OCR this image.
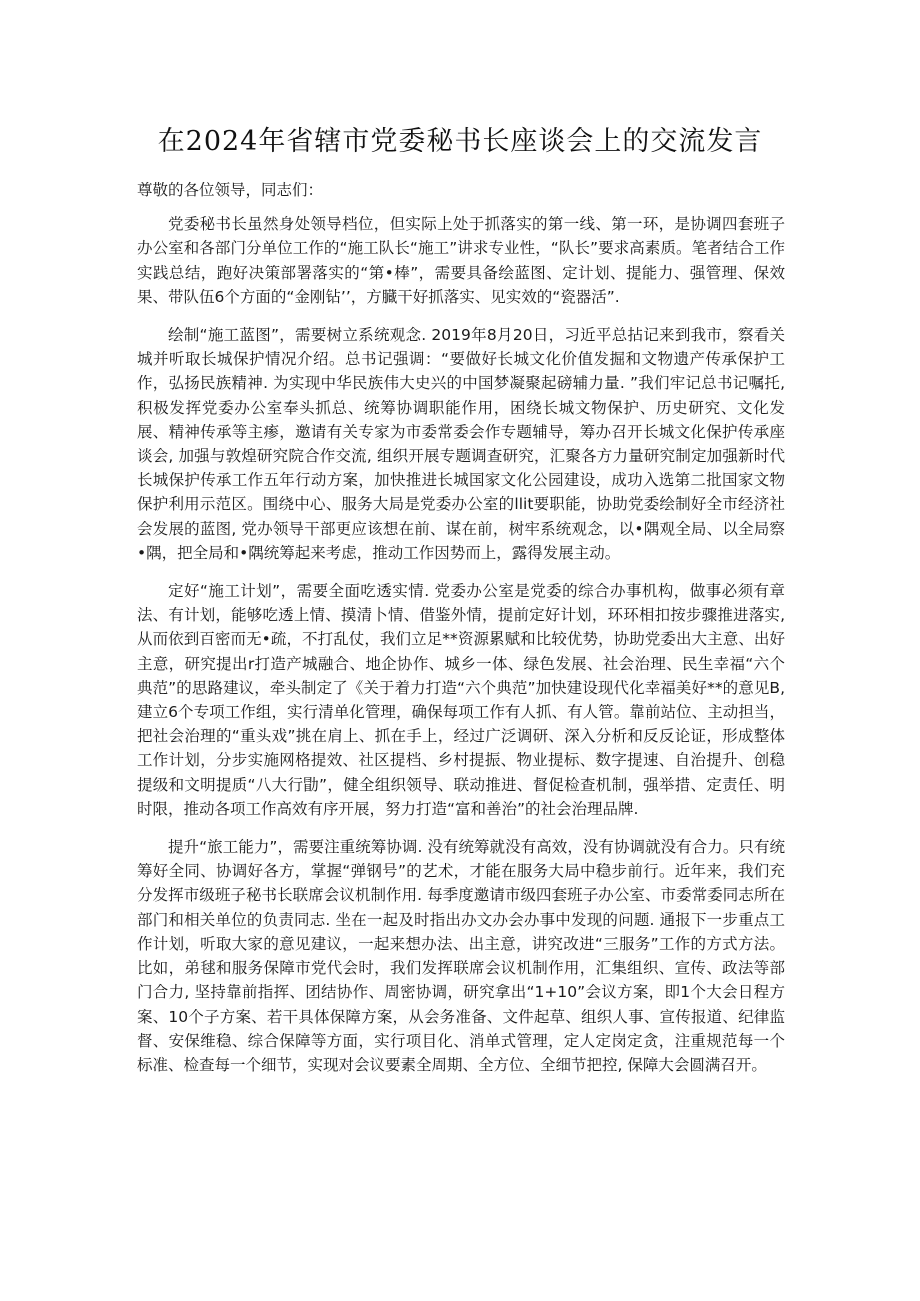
在2024年省辖市党委秘书长座谈会上的交流发言

尊敬的各位领导，同志们：

党委秘书长虽然身处领导档位，但实际上处于抓落实的第一线、第一环，是协调四套班子办公室和各部门分单位工作的“施工队长“施工”讲求专业性，“队长”要求高素质。笔者结合工作实践总结，跑好决策部署落实的“第•棒”，需要具备绘蓝图、定计划、提能力、强管理、保效果、带队伍6个方面的“金刚钻’’，方臓干好抓落实、见实效的“瓷器活”.

绘制“施工蓝图”，需要树立系统观念. 2019年8月20日，习近平总拈记来到我市，察看关城并听取长城保护情况介绍。总书记强调：“要做好长城文化价值发掘和文物遗产传承保护工作，弘扬民族精神. 为实现中华民族伟大史兴的中国梦凝聚起磅辅力量. ”我们牢记总书记嘱托, 积极发挥党委办公室奉头抓总、统筹协调职能作用，困绕长城文物保护、历史研究、文化发展、精神传承等主瘆，邀请有关专家为市委常委会作专题辅导，筹办召开长城文化保护传承座谈会, 加强与敦煌研究院合作交流, 组织开展专题调查研究，汇聚各方力量研究制定加强新时代长城保护传承工作五年行动方案，加快推进长城国家文化公园建设，成功入选第二批国家文物保护利用示范区。围绕中心、服务大局是党委办公室的llit要职能，协助党委绘制好全市经济社会发展的蓝图, 党办领导干部更应该想在前、谋在前，树牢系统观念，以•隅观全局、以全局察•隅，把全局和•隅统筹起来考虑，推动工作因势而上，露得发展主动。

定好“施工计划”，需要全面吃透实情. 党委办公室是党委的综合办事机构，做事必须有章法、有计划，能够吃透上情、摸清卜情、借鉴外情，提前定好计划，环环相扣按步骤推进落实, 从而依到百密而无•疏，不打乱仗，我们立足**资源累赋和比较优势，协助党委出大主意、出好主意，研究提出r打造产城融合、地企协作、城乡一体、绿色发展、社会治理、民生幸福“六个典范”的思路建议，牵头制定了《关于着力打造“六个典范”加快建设现代化幸福美好**的意见B, 建立6个专项工作组，实行清单化管理，确保每项工作有人抓、有人管。靠前站位、主动担当，把社会治理的“重头戏”挑在肩上、抓在手上，经过广泛调研、深入分析和反反论证，形成整体工作计划，分步实施网格提效、社区提档、乡村提振、物业提标、数字提速、自治提升、创稳提级和文明提质“八大行勖”，健全组织领导、联动推进、督促检查机制，强举措、定责任、明时限，推动各项工作高效有序开展，努力打造“富和善治”的社会治理品牌.

提升“旅工能力”，需要注重统筹协调. 没有统筹就没有高效，没有协调就没有合力。只有统筹好全同、协调好各方，掌握“弹钢号”的艺术，才能在服务大局中稳步前行。近年来，我们充分发挥市级班子秘书长联席会议机制作用. 每季度邀请市级四套班子办公室、市委常委同志所在部门和相关单位的负责同志. 坐在一起及时指出办文办会办事中发现的问题. 通报下一步重点工作计划，听取大家的意见建议，一起来想办法、出主意，讲究改进“三服务”工作的方式方法。比如，弟毬和服务保障市党代会时，我们发挥联席会议机制作用，汇集组织、宣传、政法等部门合力, 坚持靠前指挥、团结协作、周密协调，研究拿出“1+10”会议方案，即1个大会日程方案、10个子方案、若干具体保障方案，从会务准备、文件起草、组织人事、宣传报道、纪律监督、安保维稳、综合保障等方面，实行项目化、消单式管理，定人定岗定贪，注重规范每一个标准、检查每一个细节，实现对会议要素全周期、全方位、全细节把控, 保障大会圆满召开。
